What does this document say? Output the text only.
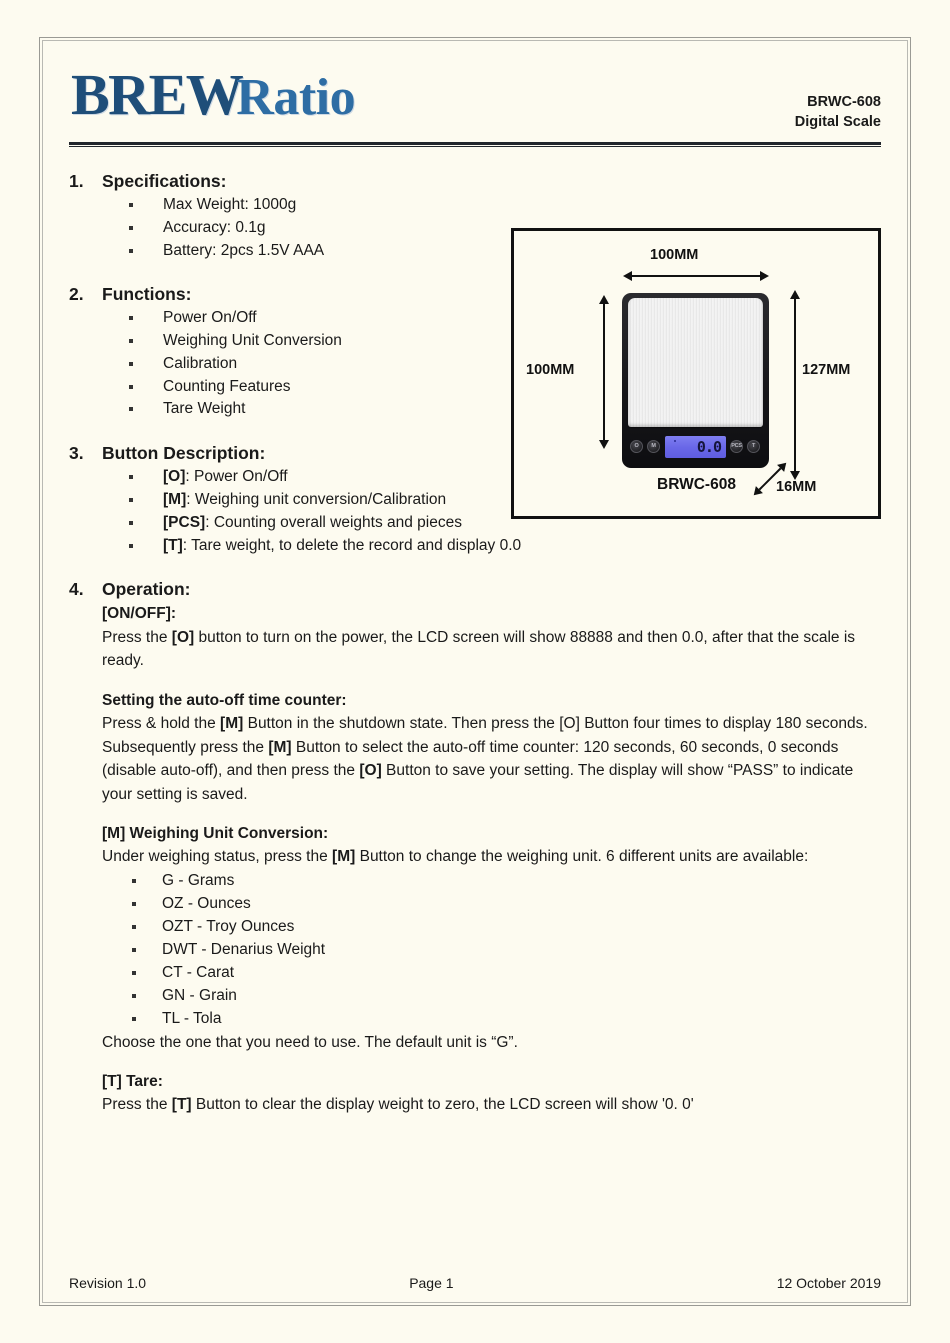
BREWRatio	BRWC-608
Digital Scale
100MM
100MM	127MM
16MM
BRWC-608
0.0
O	M	PCS	T
1.	Specifications:
Max Weight: 1000g
Accuracy: 0.1g
Battery: 2pcs 1.5V AAA
2.	Functions:
Power On/Off
Weighing Unit Conversion
Calibration
Counting Features
Tare Weight
3.	Button Description:
[O]: Power On/Off
[M]: Weighing unit conversion/Calibration
[PCS]: Counting overall weights and pieces
[T]: Tare weight, to delete the record and display 0.0
4.	Operation:
[ON/OFF]:
Press the [O] button to turn on the power, the LCD screen will show 88888 and then 0.0, after that the scale is ready.
Setting the auto-off time counter:
Press & hold the [M] Button in the shutdown state. Then press the [O] Button four times to display 180 seconds. Subsequently press the [M] Button to select the auto-off time counter: 120 seconds, 60 seconds, 0 seconds (disable auto-off), and then press the [O] Button to save your setting. The display will show “PASS” to indicate your setting is saved.
[M] Weighing Unit Conversion:
Under weighing status, press the [M] Button to change the weighing unit. 6 different units are available:
G - Grams
OZ - Ounces
OZT - Troy Ounces
DWT - Denarius Weight
CT - Carat
GN - Grain
TL - Tola
Choose the one that you need to use. The default unit is “G”.
[T] Tare:
Press the [T] Button to clear the display weight to zero, the LCD screen will show '0. 0'
Revision 1.0	Page 1	12 October 2019
